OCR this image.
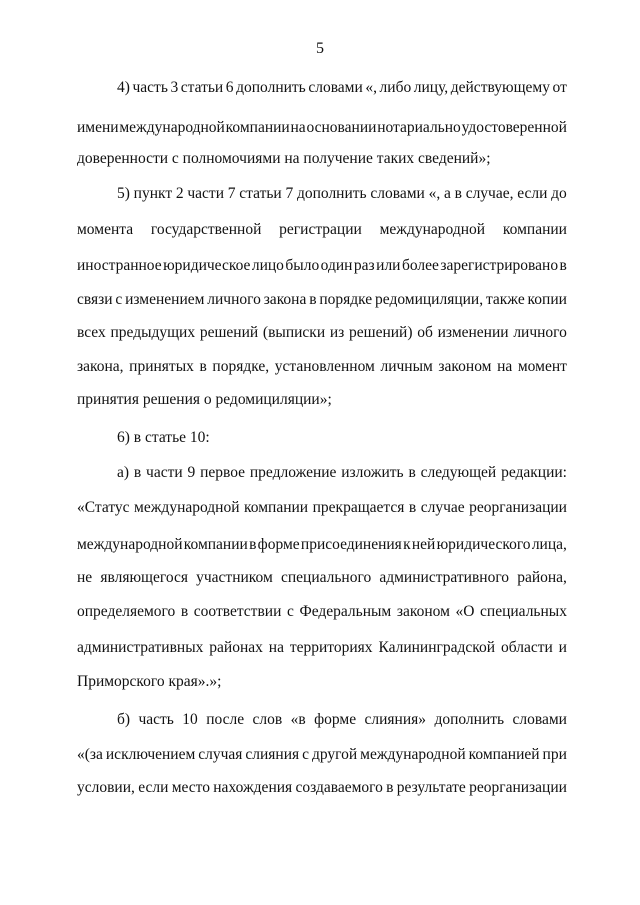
5
4) часть 3 статьи 6 дополнить словами «, либо лицу, действующему от
имени международной компании на основании нотариально удостоверенной
доверенности с полномочиями на получение таких сведений»;
5) пункт 2 части 7 статьи 7 дополнить словами «, а в случае, если до
момента государственной регистрации международной компании
иностранное юридическое лицо было один раз или более зарегистрировано в
связи с изменением личного закона в порядке редомициляции, также копии
всех предыдущих решений (выписки из решений) об изменении личного
закона, принятых в порядке, установленном личным законом на момент
принятия решения о редомициляции»;
6) в статье 10:
а) в части 9 первое предложение изложить в следующей редакции:
«Статус международной компании прекращается в случае реорганизации
международной компании в форме присоединения к ней юридического лица,
не являющегося участником специального административного района,
определяемого в соответствии с Федеральным законом «О специальных
административных районах на территориях Калининградской области и
Приморского края».»;
б) часть 10 после слов «в форме слияния» дополнить словами
«(за исключением случая слияния с другой международной компанией при
условии, если место нахождения создаваемого в результате реорганизации
